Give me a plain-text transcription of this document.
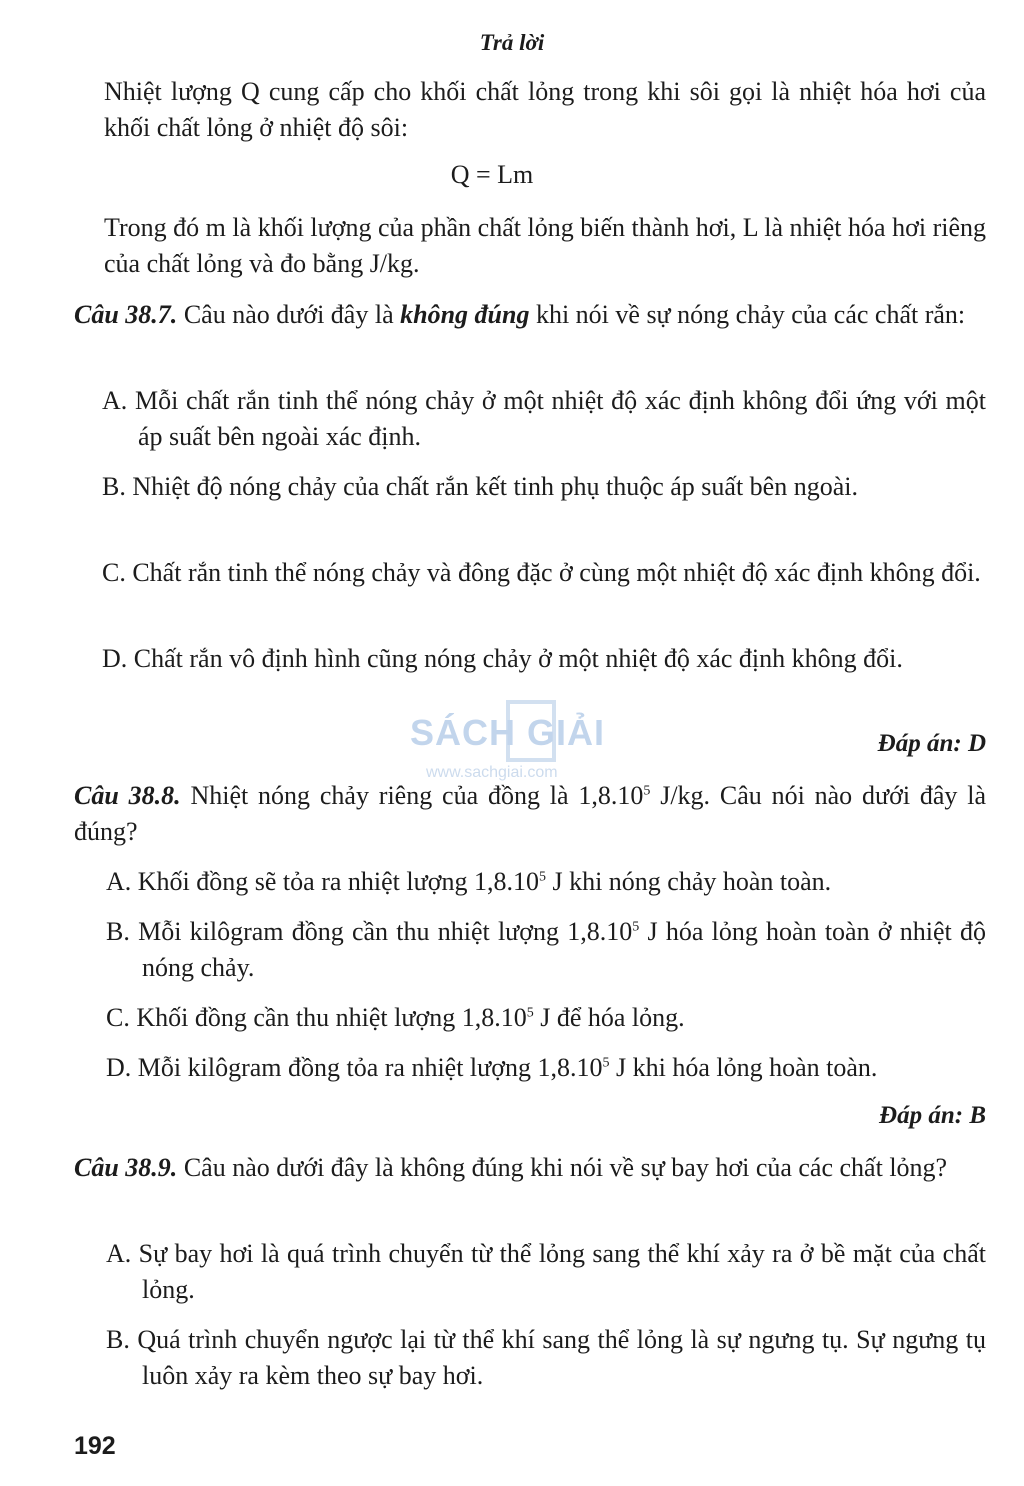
Trả lời
Nhiệt lượng Q cung cấp cho khối chất lỏng trong khi sôi gọi là nhiệt hóa hơi của khối chất lỏng ở nhiệt độ sôi:
Q = Lm
Trong đó m là khối lượng của phần chất lỏng biến thành hơi, L là nhiệt hóa hơi riêng của chất lỏng và đo bằng J/kg.
Câu 38.7. Câu nào dưới đây là không đúng khi nói về sự nóng chảy của các chất rắn:
A. Mỗi chất rắn tinh thể nóng chảy ở một nhiệt độ xác định không đổi ứng với một áp suất bên ngoài xác định.
B. Nhiệt độ nóng chảy của chất rắn kết tinh phụ thuộc áp suất bên ngoài.
C. Chất rắn tinh thể nóng chảy và đông đặc ở cùng một nhiệt độ xác định không đổi.
D. Chất rắn vô định hình cũng nóng chảy ở một nhiệt độ xác định không đổi.
Đáp án: D
SÁCH GIẢI
www.sachgiai.com
Câu 38.8. Nhiệt nóng chảy riêng của đồng là 1,8.10$^5$ J/kg. Câu nói nào dưới đây là đúng?
A. Khối đồng sẽ tỏa ra nhiệt lượng 1,8.10$^5$ J khi nóng chảy hoàn toàn.
B. Mỗi kilôgram đồng cần thu nhiệt lượng 1,8.10$^5$ J hóa lỏng hoàn toàn ở nhiệt độ nóng chảy.
C. Khối đồng cần thu nhiệt lượng 1,8.10$^5$ J để hóa lỏng.
D. Mỗi kilôgram đồng tỏa ra nhiệt lượng 1,8.10$^5$ J khi hóa lỏng hoàn toàn.
Đáp án: B
Câu 38.9. Câu nào dưới đây là không đúng khi nói về sự bay hơi của các chất lỏng?
A. Sự bay hơi là quá trình chuyển từ thể lỏng sang thể khí xảy ra ở bề mặt của chất lỏng.
B. Quá trình chuyển ngược lại từ thể khí sang thể lỏng là sự ngưng tụ. Sự ngưng tụ luôn xảy ra kèm theo sự bay hơi.
192
